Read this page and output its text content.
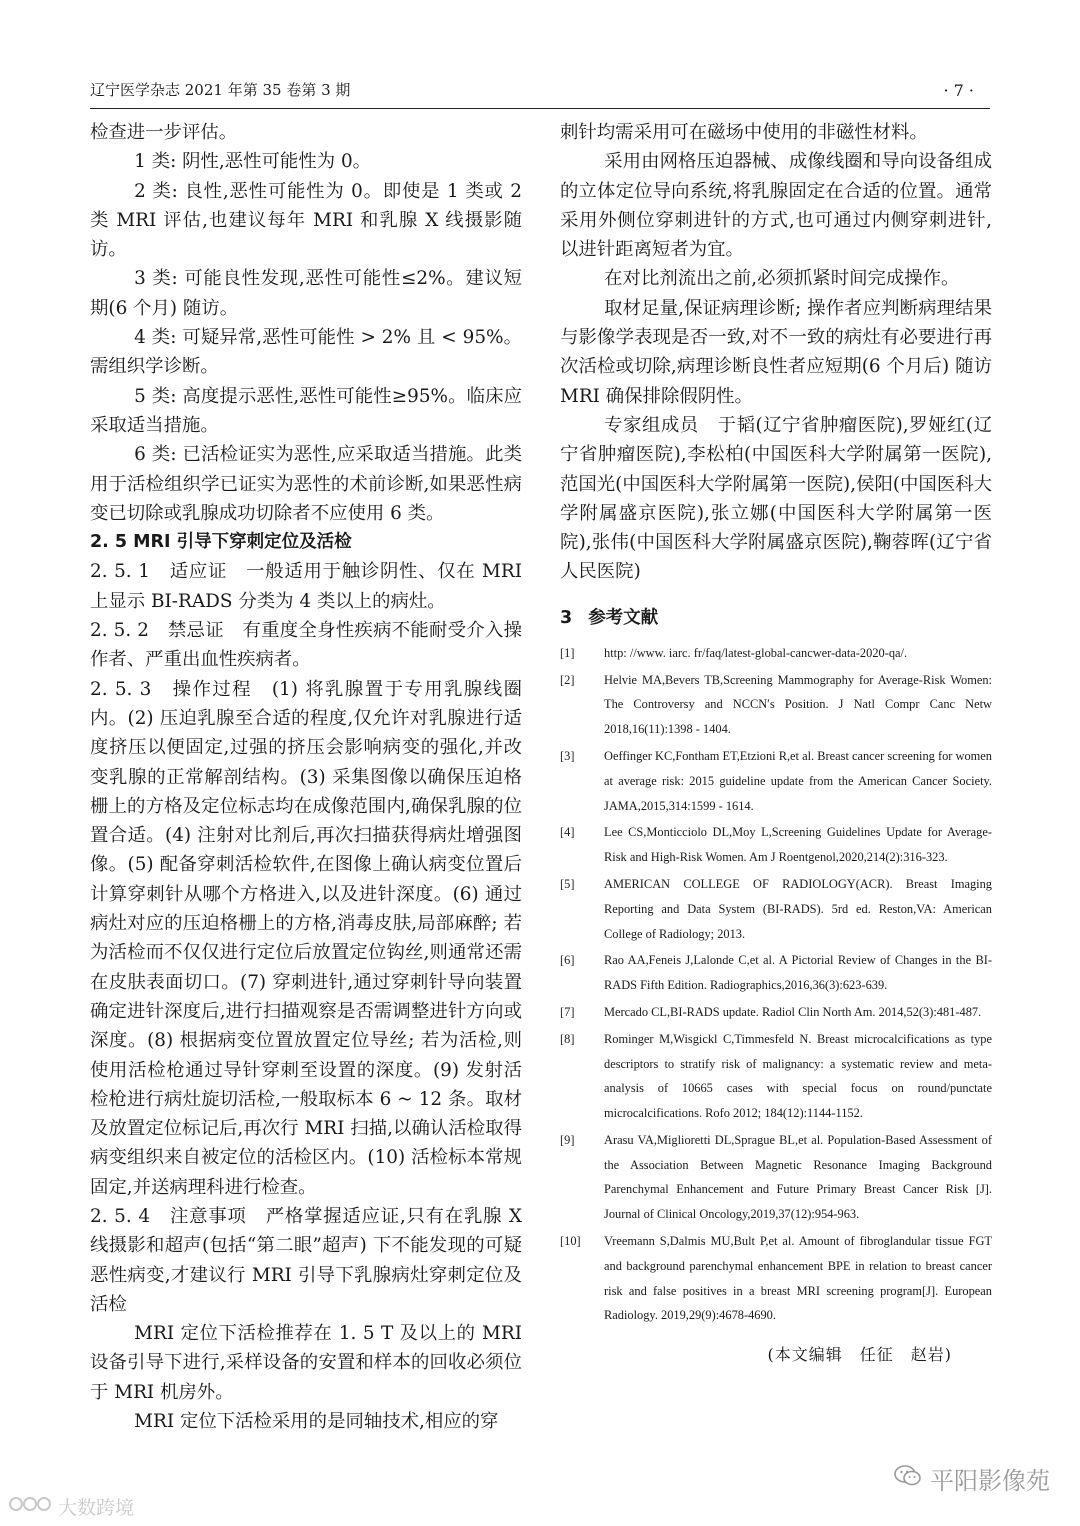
辽宁医学杂志 2021 年第 35 卷第 3 期	· 7 ·

检查进一步评估。

1 类: 阴性,恶性可能性为 0。

2 类: 良性,恶性可能性为 0。即使是 1 类或 2 类 MRI 评估,也建议每年 MRI 和乳腺 X 线摄影随访。

3 类: 可能良性发现,恶性可能性≤2%。建议短期(6 个月) 随访。

4 类: 可疑异常,恶性可能性 > 2% 且 < 95%。需组织学诊断。

5 类: 高度提示恶性,恶性可能性≥95%。临床应采取适当措施。

6 类: 已活检证实为恶性,应采取适当措施。此类用于活检组织学已证实为恶性的术前诊断,如果恶性病变已切除或乳腺成功切除者不应使用 6 类。

2. 5 MRI 引导下穿刺定位及活检

2. 5. 1　适应证　一般适用于触诊阴性、仅在 MRI 上显示 BI-RADS 分类为 4 类以上的病灶。

2. 5. 2　禁忌证　有重度全身性疾病不能耐受介入操作者、严重出血性疾病者。

2. 5. 3　操作过程　(1) 将乳腺置于专用乳腺线圈内。(2) 压迫乳腺至合适的程度,仅允许对乳腺进行适度挤压以便固定,过强的挤压会影响病变的强化,并改变乳腺的正常解剖结构。(3) 采集图像以确保压迫格栅上的方格及定位标志均在成像范围内,确保乳腺的位置合适。(4) 注射对比剂后,再次扫描获得病灶增强图像。(5) 配备穿刺活检软件,在图像上确认病变位置后计算穿刺针从哪个方格进入,以及进针深度。(6) 通过病灶对应的压迫格栅上的方格,消毒皮肤,局部麻醉; 若为活检而不仅仅进行定位后放置定位钩丝,则通常还需在皮肤表面切口。(7) 穿刺进针,通过穿刺针导向装置确定进针深度后,进行扫描观察是否需调整进针方向或深度。(8) 根据病变位置放置定位导丝; 若为活检,则使用活检枪通过导针穿刺至设置的深度。(9) 发射活检枪进行病灶旋切活检,一般取标本 6 ~ 12 条。取材及放置定位标记后,再次行 MRI 扫描,以确认活检取得病变组织来自被定位的活检区内。(10) 活检标本常规固定,并送病理科进行检查。

2. 5. 4　注意事项　严格掌握适应证,只有在乳腺 X 线摄影和超声(包括“第二眼”超声) 下不能发现的可疑恶性病变,才建议行 MRI 引导下乳腺病灶穿刺定位及活检

MRI 定位下活检推荐在 1. 5 T 及以上的 MRI 设备引导下进行,采样设备的安置和样本的回收必须位于 MRI 机房外。

MRI 定位下活检采用的是同轴技术,相应的穿

刺针均需采用可在磁场中使用的非磁性材料。

采用由网格压迫器械、成像线圈和导向设备组成的立体定位导向系统,将乳腺固定在合适的位置。通常采用外侧位穿刺进针的方式,也可通过内侧穿刺进针,以进针距离短者为宜。

在对比剂流出之前,必须抓紧时间完成操作。

取材足量,保证病理诊断; 操作者应判断病理结果与影像学表现是否一致,对不一致的病灶有必要进行再次活检或切除,病理诊断良性者应短期(6 个月后) 随访 MRI 确保排除假阴性。

专家组成员　于韬(辽宁省肿瘤医院),罗娅红(辽宁省肿瘤医院),李松柏(中国医科大学附属第一医院),范国光(中国医科大学附属第一医院),侯阳(中国医科大学附属盛京医院),张立娜(中国医科大学附属第一医院),张伟(中国医科大学附属盛京医院),鞠蓉晖(辽宁省人民医院)

3 参考文献
[1]	http: //www. iarc. fr/faq/latest-global-cancwer-data-2020-qa/.
[2]	Helvie MA,Bevers TB,Screening Mammography for Average-Risk Women: The Controversy and NCCN′s Position. J Natl Compr Canc Netw 2018,16(11):1398 - 1404.
[3]	Oeffinger KC,Fontham ET,Etzioni R,et al. Breast cancer screening for women at average risk: 2015 guideline update from the American Cancer Society. JAMA,2015,314:1599 - 1614.
[4]	Lee CS,Monticciolo DL,Moy L,Screening Guidelines Update for Average-Risk and High-Risk Women. Am J Roentgenol,2020,214(2):316-323.
[5]	AMERICAN COLLEGE OF RADIOLOGY(ACR). Breast Imaging Reporting and Data System (BI-RADS). 5rd ed. Reston,VA: American College of Radiology; 2013.
[6]	Rao AA,Feneis J,Lalonde C,et al. A Pictorial Review of Changes in the BI-RADS Fifth Edition. Radiographics,2016,36(3):623-639.
[7]	Mercado CL,BI-RADS update. Radiol Clin North Am. 2014,52(3):481-487.
[8]	Rominger M,Wisgickl C,Timmesfeld N. Breast microcalcifications as type descriptors to stratify risk of malignancy: a systematic review and meta-analysis of 10665 cases with special focus on round/punctate microcalcifications. Rofo 2012; 184(12):1144-1152.
[9]	Arasu VA,Miglioretti DL,Sprague BL,et al. Population-Based Assessment of the Association Between Magnetic Resonance Imaging Background Parenchymal Enhancement and Future Primary Breast Cancer Risk [J]. Journal of Clinical Oncology,2019,37(12):954-963.
[10]	Vreemann S,Dalmis MU,Bult P,et al. Amount of fibroglandular tissue FGT and background parenchymal enhancement BPE in relation to breast cancer risk and false positives in a breast MRI screening program[J]. European Radiology. 2019,29(9):4678-4690.
(本文编辑　任征　赵岩)
平阳影像苑
大数跨境
